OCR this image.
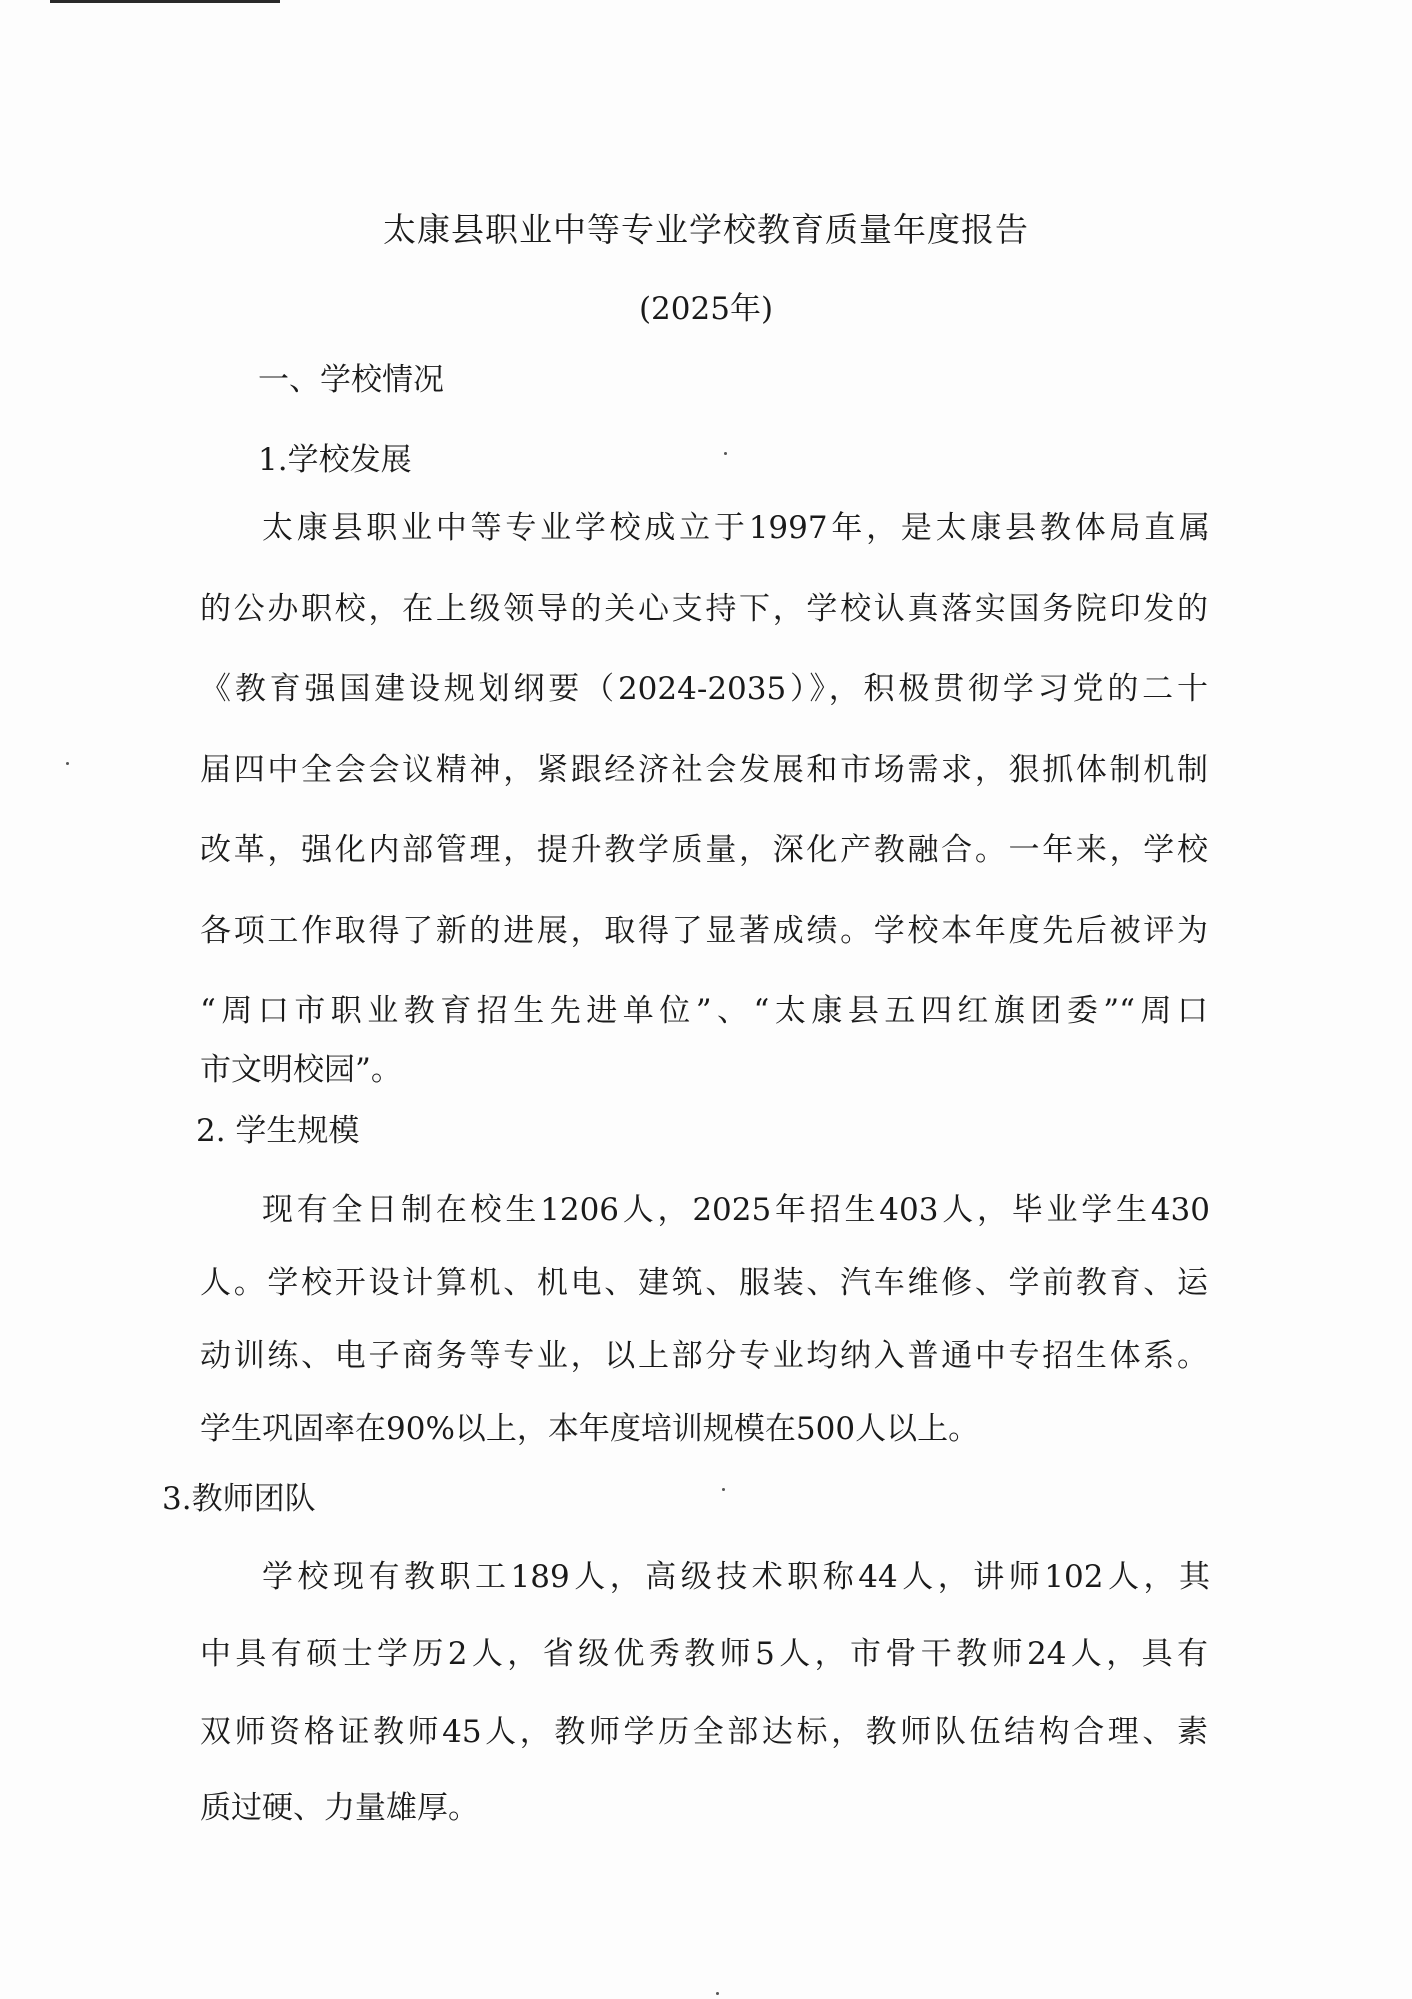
太康县职业中等专业学校教育质量年度报告
(2025年)
一、学校情况
1.学校发展
太康县职业中等专业学校成立于1997年，是太康县教体局直属
的公办职校，在上级领导的关心支持下，学校认真落实国务院印发的
《教育强国建设规划纲要（2024-2035）》，积极贯彻学习党的二十
届四中全会会议精神，紧跟经济社会发展和市场需求，狠抓体制机制
改革，强化内部管理，提升教学质量，深化产教融合。一年来，学校
各项工作取得了新的进展，取得了显著成绩。学校本年度先后被评为
“周口市职业教育招生先进单位”、“太康县五四红旗团委”“周口
市文明校园”。
2. 学生规模
现有全日制在校生1206人，2025年招生403人，毕业学生430
人。学校开设计算机、机电、建筑、服装、汽车维修、学前教育、运
动训练、电子商务等专业，以上部分专业均纳入普通中专招生体系。
学生巩固率在90%以上，本年度培训规模在500人以上。
3.教师团队
学校现有教职工189人，高级技术职称44人，讲师102人，其
中具有硕士学历2人，省级优秀教师5人，市骨干教师24人，具有
双师资格证教师45人，教师学历全部达标，教师队伍结构合理、素
质过硬、力量雄厚。
